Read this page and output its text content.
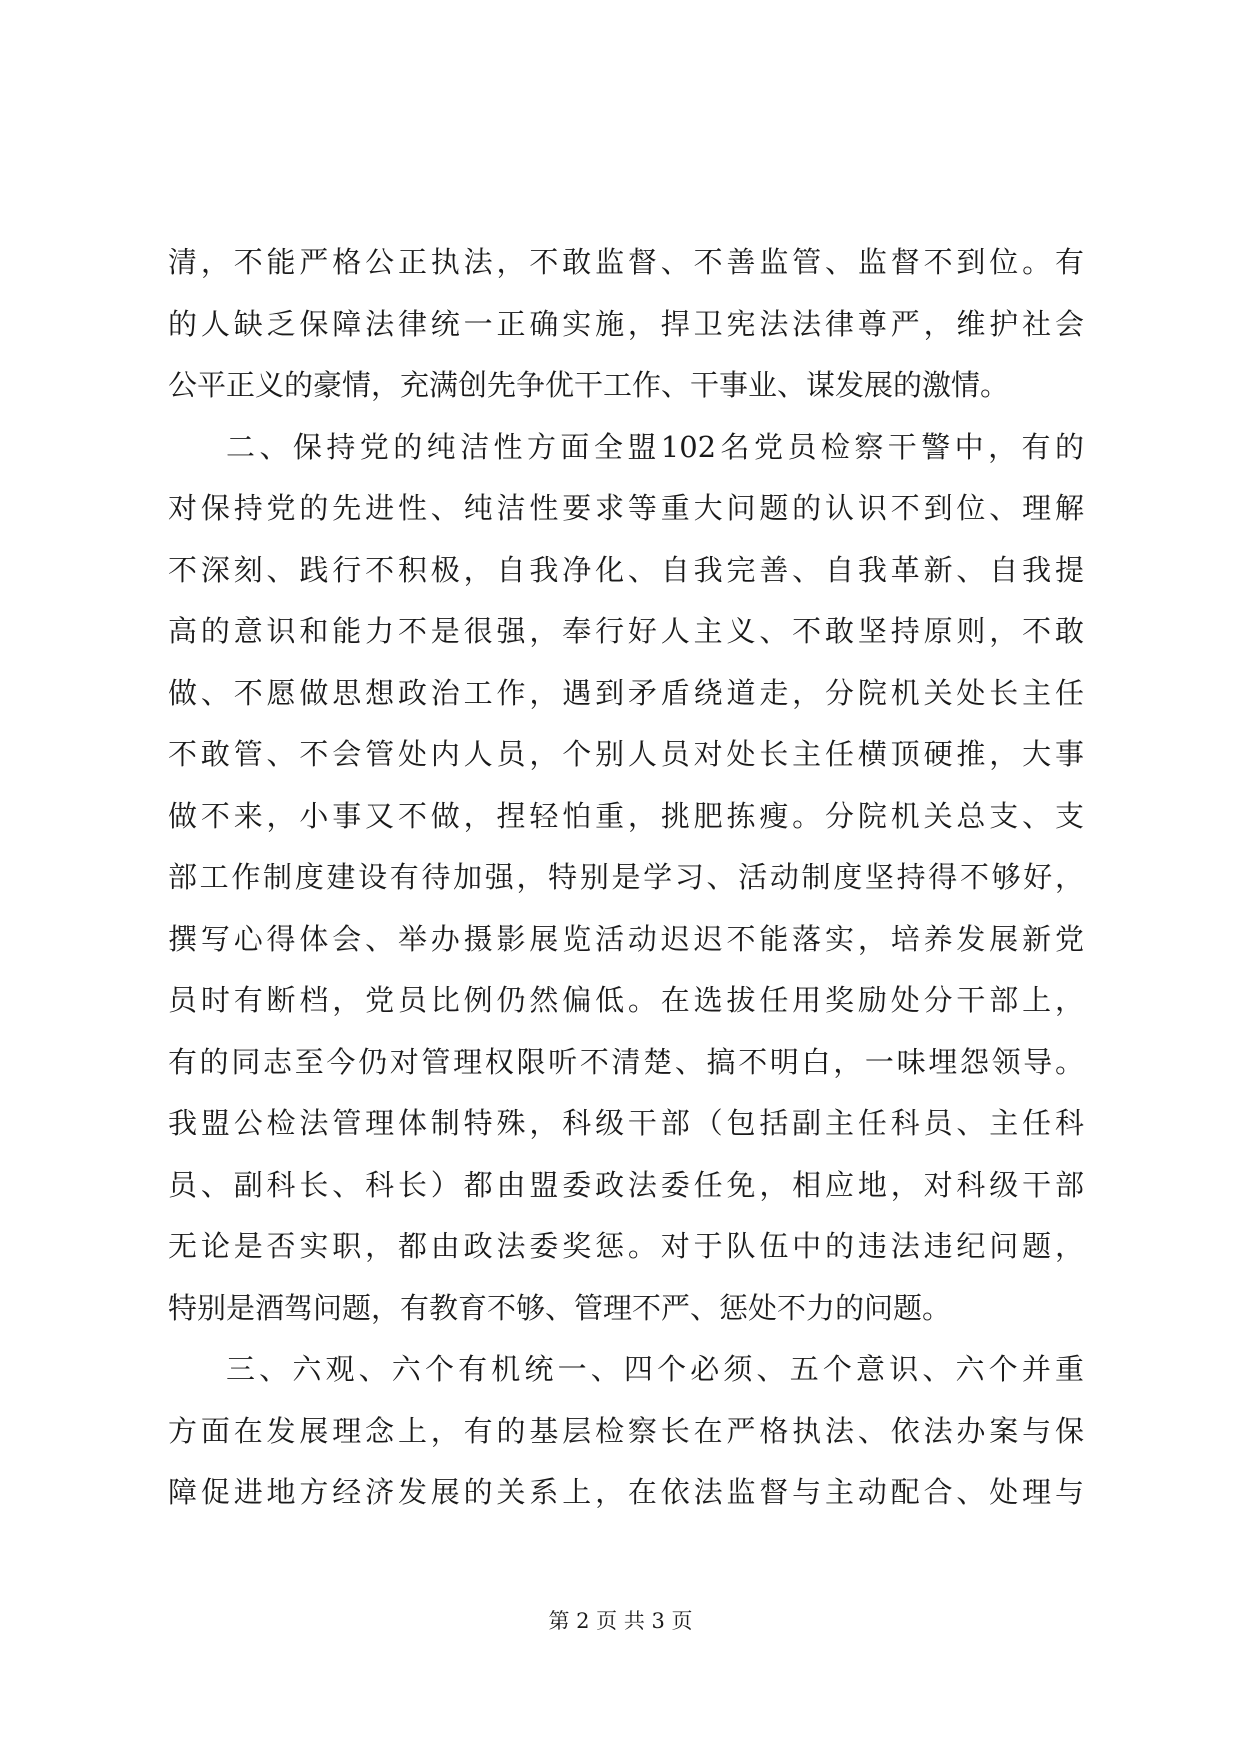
清，不能严格公正执法，不敢监督、不善监管、监督不到位。有
的人缺乏保障法律统一正确实施，捍卫宪法法律尊严，维护社会
公平正义的豪情，充满创先争优干工作、干事业、谋发展的激情。
二、保持党的纯洁性方面全盟102名党员检察干警中，有的
对保持党的先进性、纯洁性要求等重大问题的认识不到位、理解
不深刻、践行不积极，自我净化、自我完善、自我革新、自我提
高的意识和能力不是很强，奉行好人主义、不敢坚持原则，不敢
做、不愿做思想政治工作，遇到矛盾绕道走，分院机关处长主任
不敢管、不会管处内人员，个别人员对处长主任横顶硬推，大事
做不来，小事又不做，捏轻怕重，挑肥拣瘦。分院机关总支、支
部工作制度建设有待加强，特别是学习、活动制度坚持得不够好，
撰写心得体会、举办摄影展览活动迟迟不能落实，培养发展新党
员时有断档，党员比例仍然偏低。在选拔任用奖励处分干部上，
有的同志至今仍对管理权限听不清楚、搞不明白，一味埋怨领导。
我盟公检法管理体制特殊，科级干部（包括副主任科员、主任科
员、副科长、科长）都由盟委政法委任免，相应地，对科级干部
无论是否实职，都由政法委奖惩。对于队伍中的违法违纪问题，
特别是酒驾问题，有教育不够、管理不严、惩处不力的问题。
三、六观、六个有机统一、四个必须、五个意识、六个并重
方面在发展理念上，有的基层检察长在严格执法、依法办案与保
障促进地方经济发展的关系上，在依法监督与主动配合、处理与
第 2 页 共 3 页
